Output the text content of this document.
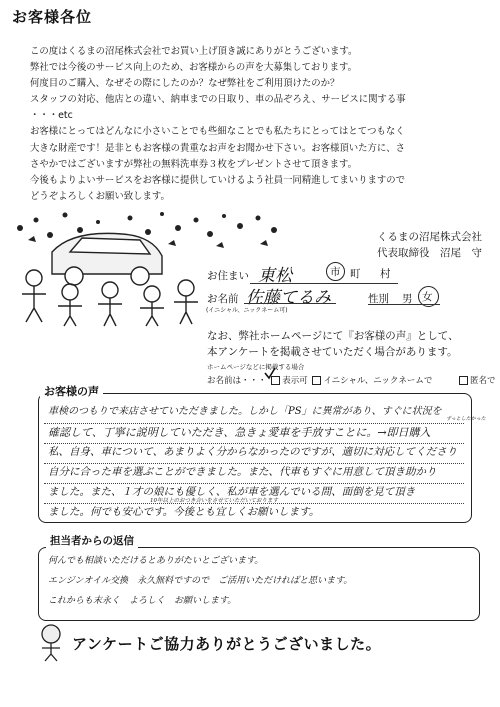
お客様各位
この度はくるまの沼尾株式会社でお買い上げ頂き誠にありがとうございます。
弊社では今後のサービス向上のため、お客様からの声を大募集しております。
何度目のご購入、なぜその際にしたのか？なぜ弊社をご利用頂けたのか？
スタッフの対応、他店との違い、納車までの日取り、車の品ぞろえ、サービスに関する事
・・・etc
お客様にとってはどんなに小さいことでも些細なことでも私たちにとってはとてつもなく
大きな財産です！是非ともお客様の貴重なお声をお聞かせ下さい。お客様頂いた方に、さ
さやかではございますが弊社の無料洗車券３枚をプレゼントさせて頂きます。
今後もよりよいサービスをお客様に提供していけるよう社員一同精進してまいりますので
どうぞよろしくお願い致します。
くるまの沼尾株式会社
代表取締役　沼尾　守
お住まい 東松	市 町 村
お名前 佐藤てるみ
(イニシャル、ニックネーム可)
性別 男 女
なお、弊社ホームページにて『お客様の声』として、
本アンケートを掲載させていただく場合があります。
ホームページなどに掲載する場合
お名前は・・・ 表示可 イニシャル、ニックネームで	匿名で
お客様の声
車検のつもりで来店させていただきました。しかし「PS」に異常があり、すぐに状況を
確認して、丁寧に説明していただき、急きょ愛車を手放すことに。→即日購入
ずっとしたかった
私、自身、車について、あまりよく分からなかったのですが、適切に対応してくださり
自分に合った車を選ぶことができました。また、代車もすぐに用意して頂き助かり
ました。また、１才の娘にも優しく、私が車を選んでいる間、面倒を見て頂き
10年以上のおつき合いをさせていただいております
ました。何でも安心です。今後とも宜しくお願いします。
担当者からの返信
何んでも相談いただけるとありがたいとございます。
エンジンオイル交換　永久無料ですので　ご活用いただければと思います。
これからも末永く　よろしく　お願いします。
アンケートご協力ありがとうございました。
